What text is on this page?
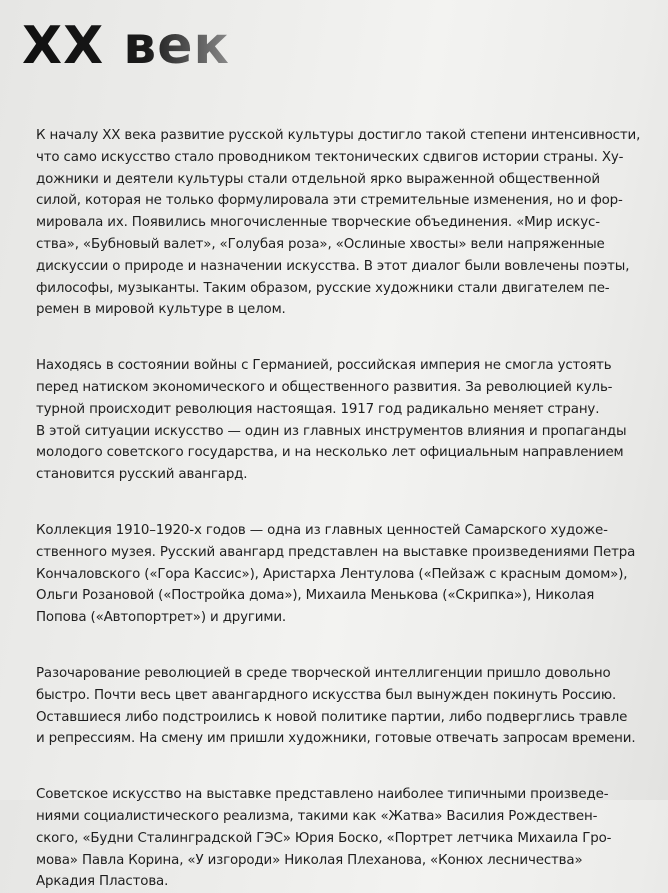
XX век

К началу XX века развитие русской культуры достигло такой степени интенсивности,
что само искусство стало проводником тектонических сдвигов истории страны. Ху-
дожники и деятели культуры стали отдельной ярко выраженной общественной
силой, которая не только формулировала эти стремительные изменения, но и фор-
мировала их. Появились многочисленные творческие объединения. «Мир искус-
ства», «Бубновый валет», «Голубая роза», «Ослиные хвосты» вели напряженные
дискуссии о природе и назначении искусства. В этот диалог были вовлечены поэты,
философы, музыканты. Таким образом, русские художники стали двигателем пе-
ремен в мировой культуре в целом.

Находясь в состоянии войны с Германией, российская империя не смогла устоять
перед натиском экономического и общественного развития. За революцией куль-
турной происходит революция настоящая. 1917 год радикально меняет страну.
В этой ситуации искусство — один из главных инструментов влияния и пропаганды
молодого советского государства, и на несколько лет официальным направлением
становится русский авангард.

Коллекция 1910–1920-х годов — одна из главных ценностей Самарского художе-
ственного музея. Русский авангард представлен на выставке произведениями Петра
Кончаловского («Гора Кассис»), Аристарха Лентулова («Пейзаж с красным домом»),
Ольги Розановой («Постройка дома»), Михаила Менькова («Скрипка»), Николая
Попова («Автопортрет») и другими.

Разочарование революцией в среде творческой интеллигенции пришло довольно
быстро. Почти весь цвет авангардного искусства был вынужден покинуть Россию.
Оставшиеся либо подстроились к новой политике партии, либо подверглись травле
и репрессиям. На смену им пришли художники, готовые отвечать запросам времени.

Советское искусство на выставке представлено наиболее типичными произведе-
ниями социалистического реализма, такими как «Жатва» Василия Рождествен-
ского, «Будни Сталинградской ГЭС» Юрия Боско, «Портрет летчика Михаила Гро-
мова» Павла Корина, «У изгороди» Николая Плеханова, «Конюх лесничества»
Аркадия Пластова.
